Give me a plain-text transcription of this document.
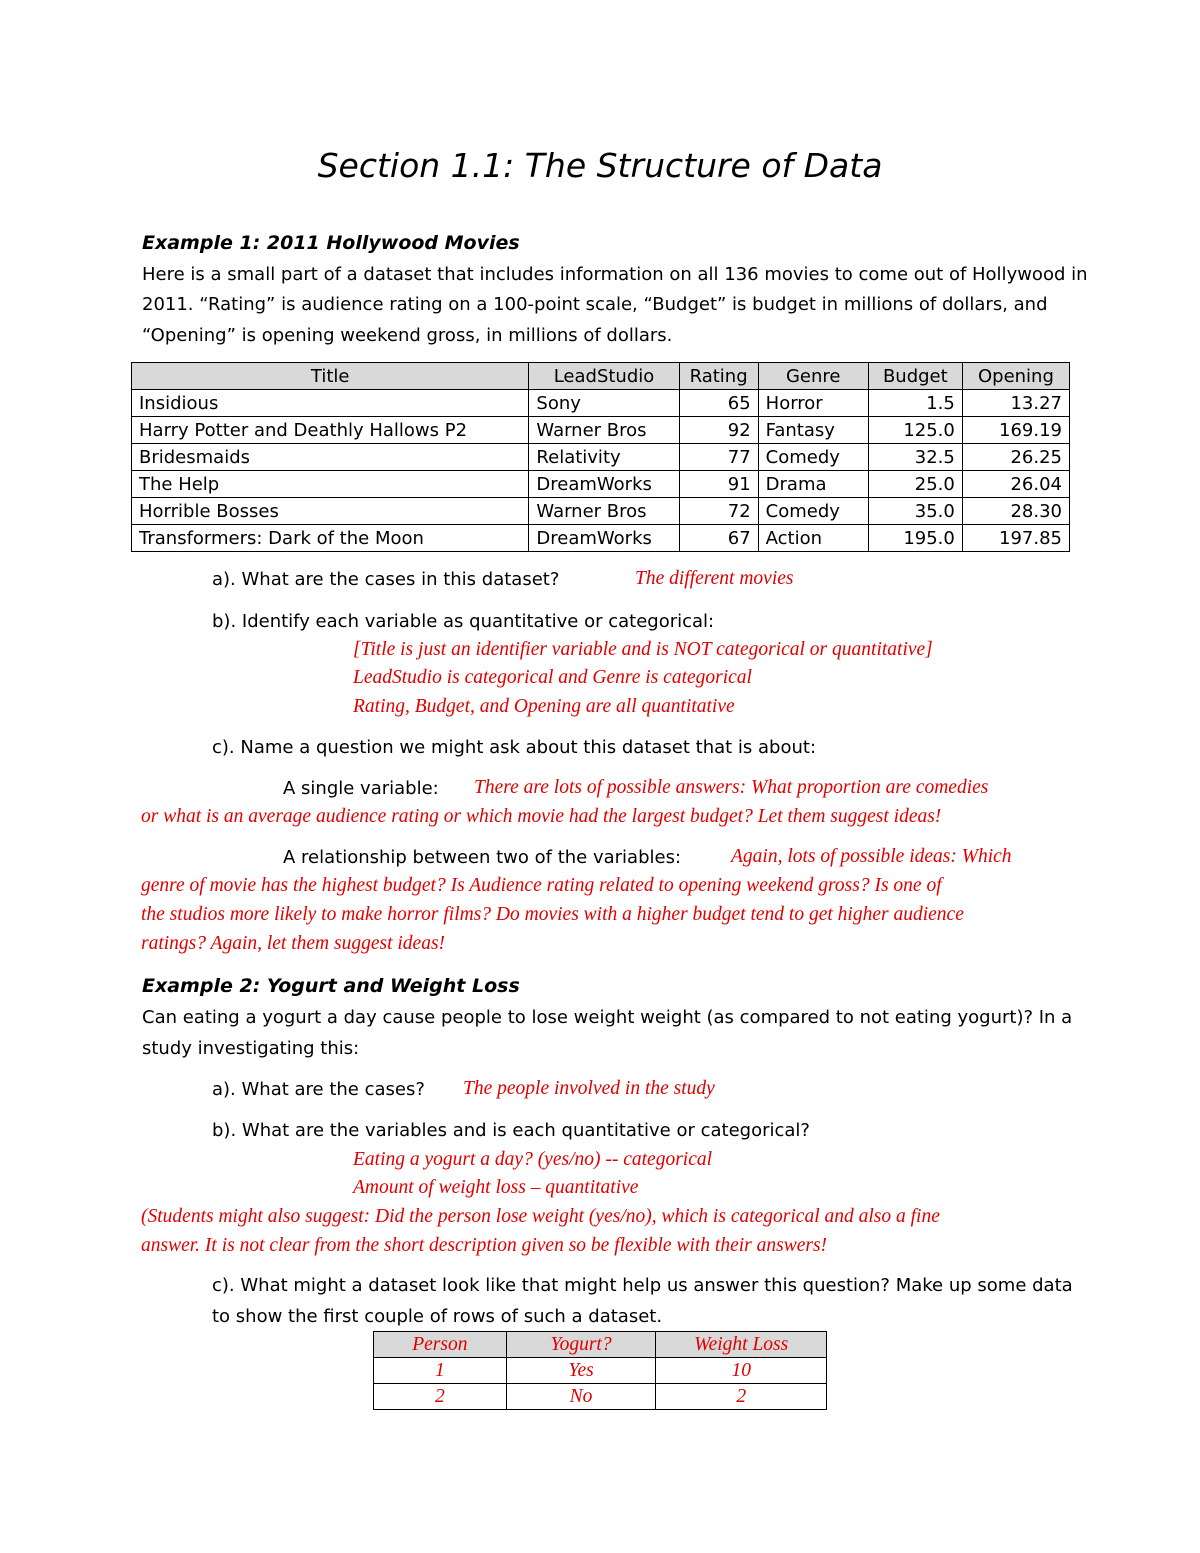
Section 1.1: The Structure of Data
Example 1: 2011 Hollywood Movies
Here is a small part of a dataset that includes information on all 136 movies to come out of Hollywood in
2011. “Rating” is audience rating on a 100-point scale, “Budget” is budget in millions of dollars, and
“Opening” is opening weekend gross, in millions of dollars.
Title	LeadStudio	Rating	Genre	Budget	Opening
Insidious	Sony	65	Horror	1.5	13.27
Harry Potter and Deathly Hallows P2	Warner Bros	92	Fantasy	125.0	169.19
Bridesmaids	Relativity	77	Comedy	32.5	26.25
The Help	DreamWorks	91	Drama	25.0	26.04
Horrible Bosses	Warner Bros	72	Comedy	35.0	28.30
Transformers: Dark of the Moon	DreamWorks	67	Action	195.0	197.85
a). What are the cases in this dataset?	The different movies
b). Identify each variable as quantitative or categorical:
[Title is just an identifier variable and is NOT categorical or quantitative]
LeadStudio is categorical and Genre is categorical
Rating, Budget, and Opening are all quantitative
c). Name a question we might ask about this dataset that is about:
A single variable: There are lots of possible answers: What proportion are comedies
or what is an average audience rating or which movie had the largest budget? Let them suggest ideas!
A relationship between two of the variables:	Again, lots of possible ideas: Which
genre of movie has the highest budget? Is Audience rating related to opening weekend gross? Is one of
the studios more likely to make horror films? Do movies with a higher budget tend to get higher audience
ratings? Again, let them suggest ideas!
Example 2: Yogurt and Weight Loss
Can eating a yogurt a day cause people to lose weight weight (as compared to not eating yogurt)? In a
study investigating this:
a). What are the cases? The people involved in the study
b). What are the variables and is each quantitative or categorical?
Eating a yogurt a day? (yes/no) -- categorical
Amount of weight loss – quantitative
(Students might also suggest: Did the person lose weight (yes/no), which is categorical and also a fine
answer. It is not clear from the short description given so be flexible with their answers!
c). What might a dataset look like that might help us answer this question? Make up some data
to show the first couple of rows of such a dataset.
Person	Yogurt?	Weight Loss
1	Yes	10
2	No	2
